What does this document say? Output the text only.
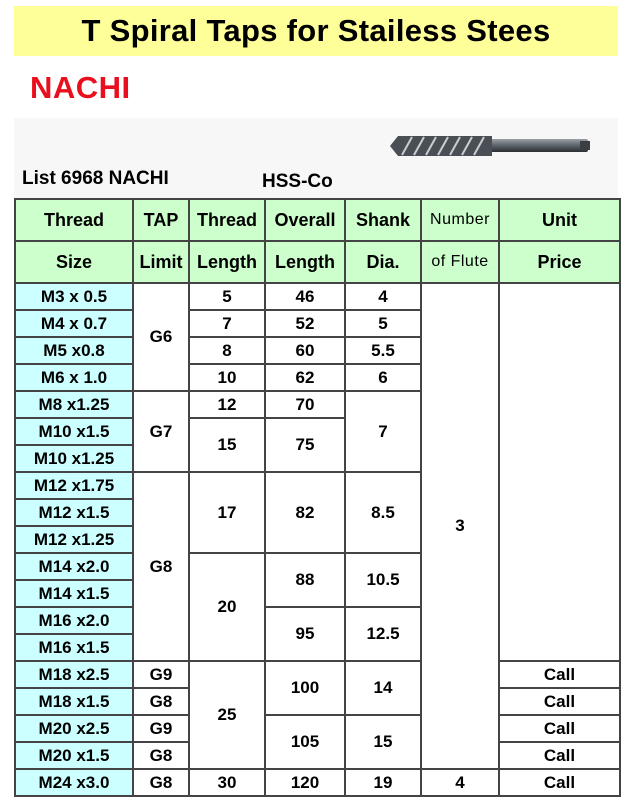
T Spiral Taps for Stailess Stees
NACHI
List 6968 NACHI	HSS-Co
Thread	TAP	Thread	Overall	Shank	Number	Unit
Size	Limit	Length	Length	Dia.	of Flute	Price
M3 x 0.5	G6	5	46	4	3	
M4 x 0.7		7	52	5		
M5 x0.8		8	60	5.5		
M6 x 1.0		10	62	6		
M8 x1.25	G7	12	70	7		
M10 x1.5		15	75			
M10 x1.25						
M12 x1.75	G8	17	82	8.5		
M12 x1.5						
M12 x1.25						
M14 x2.0		20	88	10.5		
M14 x1.5						
M16 x2.0			95	12.5		
M16 x1.5						
M18 x2.5	G9	25	100	14		Call
M18 x1.5	G8					Call
M20 x2.5	G9		105	15		Call
M20 x1.5	G8					Call
M24 x3.0	G8	30	120	19	4	Call
